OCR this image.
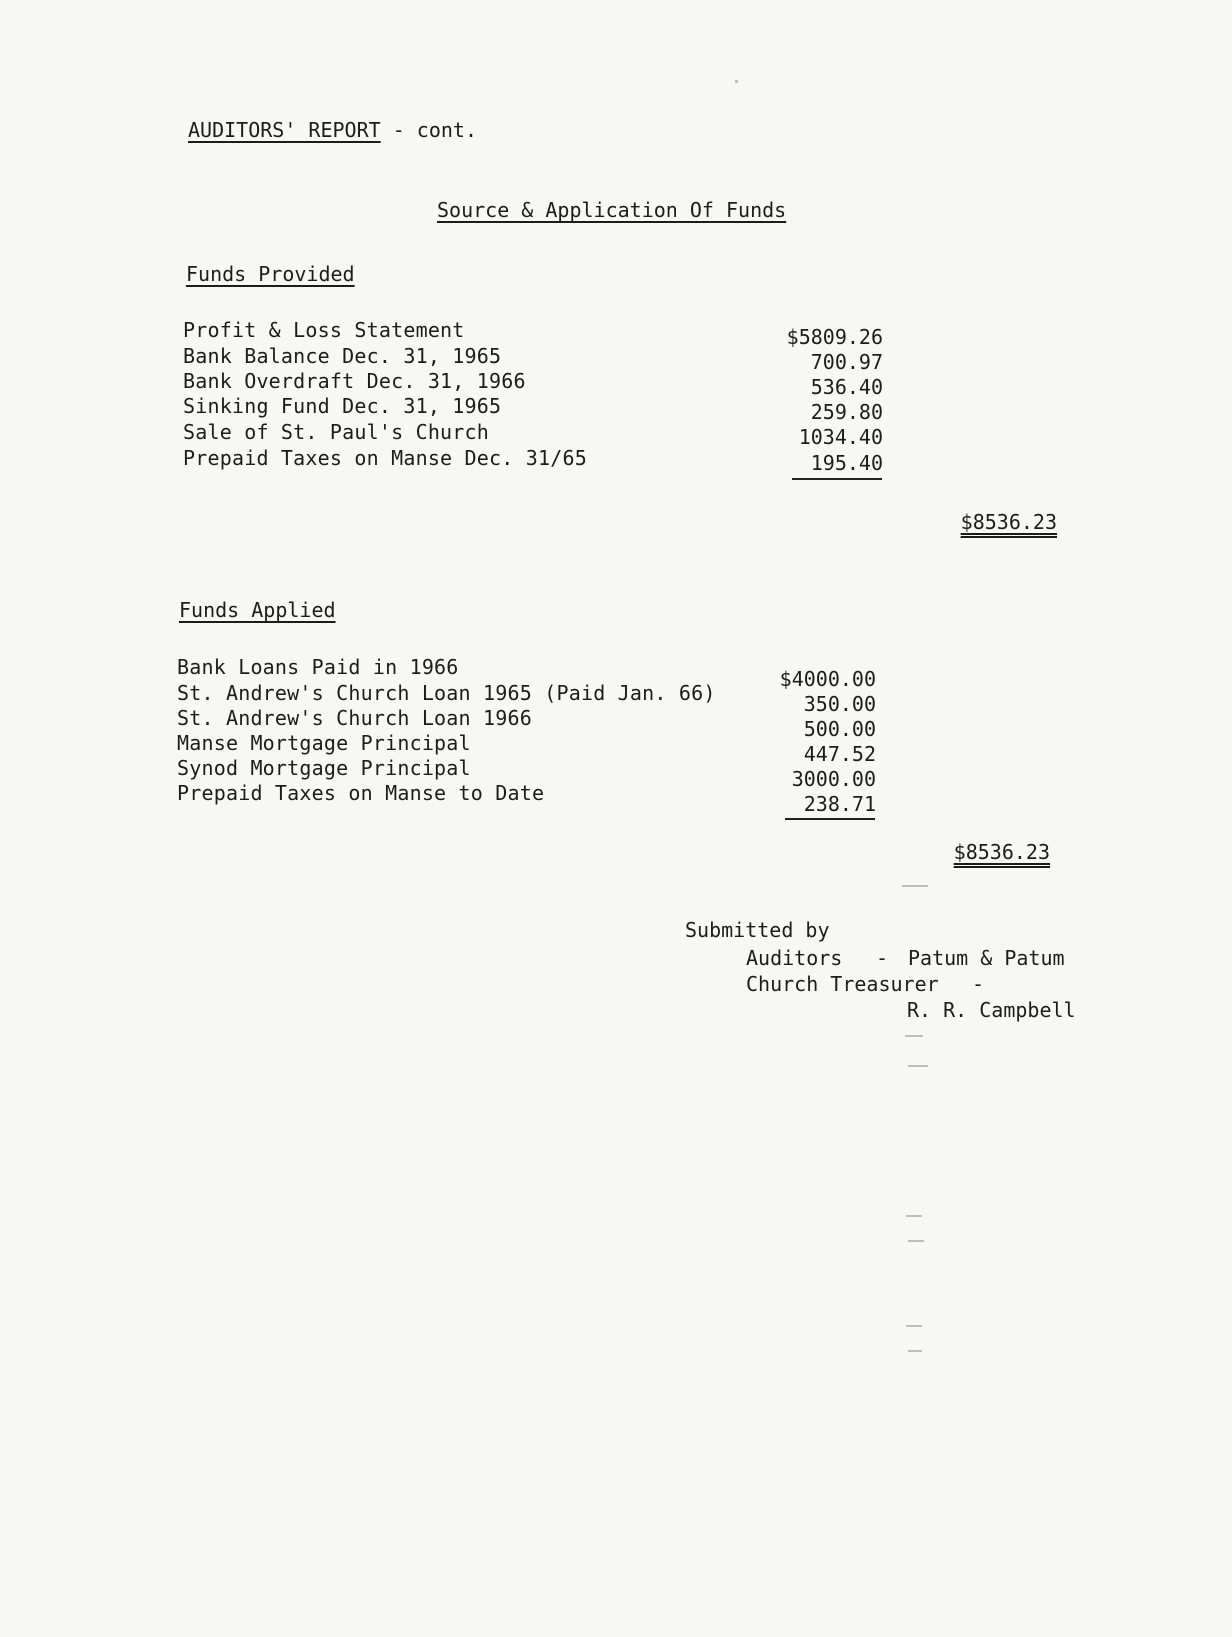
AUDITORS' REPORT - cont.
Source & Application Of Funds
Funds Provided
Profit & Loss Statement
Bank Balance Dec. 31, 1965
Bank Overdraft Dec. 31, 1966
Sinking Fund Dec. 31, 1965
Sale of St. Paul's Church
Prepaid Taxes on Manse Dec. 31/65
$5809.26
700.97
536.40
259.80
1034.40
195.40
$8536.23
Funds Applied
Bank Loans Paid in 1966
St. Andrew's Church Loan 1965 (Paid Jan. 66)
St. Andrew's Church Loan 1966
Manse Mortgage Principal
Synod Mortgage Principal
Prepaid Taxes on Manse to Date
$4000.00
350.00
500.00
447.52
3000.00
238.71
$8536.23
Submitted by
Auditors - Patum & Patum
Church Treasurer -
R. R. Campbell
